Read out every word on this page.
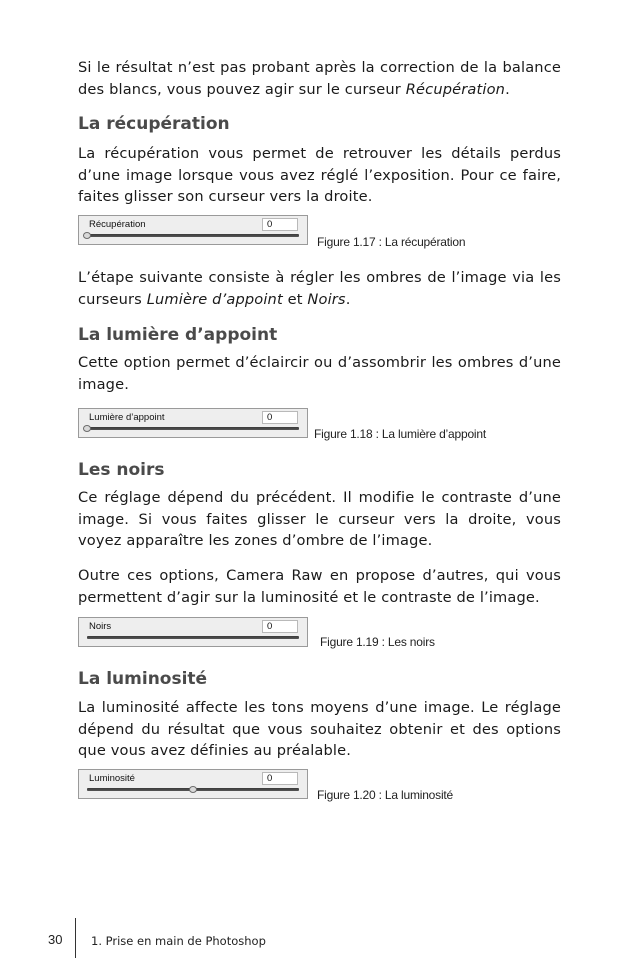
Si le résultat n’est pas probant après la correction de la balance des blancs, vous pouvez agir sur le curseur Récupération.

La récupération

La récupération vous permet de retrouver les détails perdus d’une image lorsque vous avez réglé l’exposition. Pour ce faire, faites glisser son curseur vers la droite.

Récupération	0

Figure 1.17 : La récupération

L’étape suivante consiste à régler les ombres de l’image via les curseurs Lumière d’appoint et Noirs.

La lumière d’appoint

Cette option permet d’éclaircir ou d’assombrir les ombres d’une image.

Lumière d’appoint	0

Figure 1.18 : La lumière d’appoint

Les noirs

Ce réglage dépend du précédent. Il modifie le contraste d’une image. Si vous faites glisser le curseur vers la droite, vous voyez apparaître les zones d’ombre de l’image.

Outre ces options, Camera Raw en propose d’autres, qui vous permettent d’agir sur la luminosité et le contraste de l’image.

Noirs	0

Figure 1.19 : Les noirs

La luminosité

La luminosité affecte les tons moyens d’une image. Le réglage dépend du résultat que vous souhaitez obtenir et des options que vous avez définies au préalable.

Luminosité	0

Figure 1.20 : La luminosité

30 1. Prise en main de Photoshop
